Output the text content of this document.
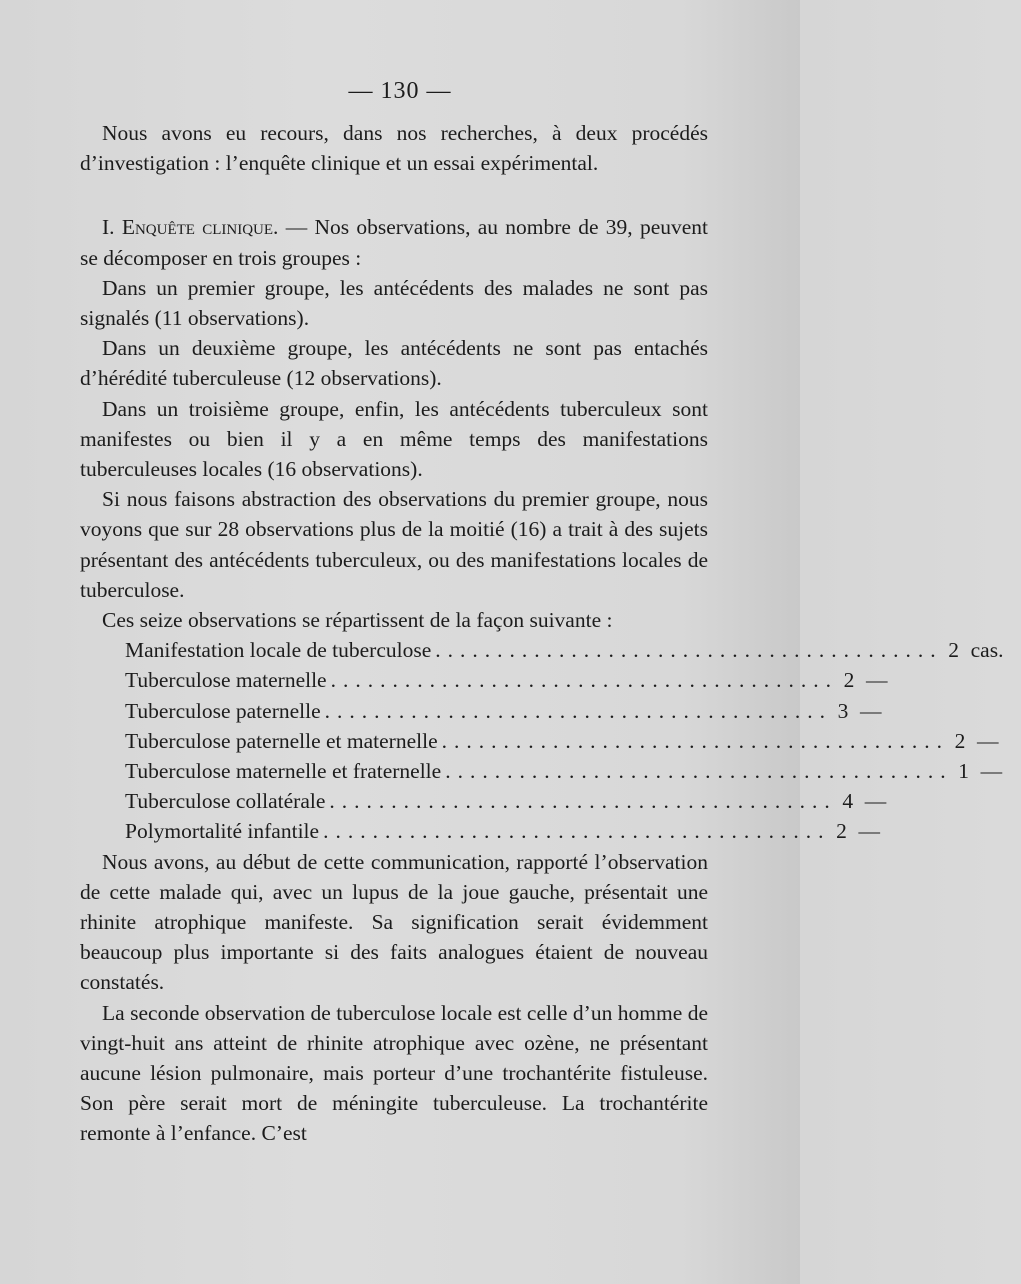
— 130 —

Nous avons eu recours, dans nos recherches, à deux procédés d’investigation : l’enquête clinique et un essai expérimental.

I. Enquête clinique. — Nos observations, au nombre de 39, peuvent se décomposer en trois groupes :

Dans un premier groupe, les antécédents des malades ne sont pas signalés (11 observations).

Dans un deuxième groupe, les antécédents ne sont pas entachés d’hérédité tuberculeuse (12 observations).

Dans un troisième groupe, enfin, les antécédents tuberculeux sont manifestes ou bien il y a en même temps des manifestations tuberculeuses locales (16 observations).

Si nous faisons abstraction des observations du premier groupe, nous voyons que sur 28 observations plus de la moitié (16) a trait à des sujets présentant des antécédents tuberculeux, ou des manifestations locales de tuberculose.

Ces seize observations se répartissent de la façon suivante :

Manifestation locale de tuberculose ......................................... 2 cas.
Tuberculose maternelle ......................................... 2 —
Tuberculose paternelle ......................................... 3 —
Tuberculose paternelle et maternelle ......................................... 2 —
Tuberculose maternelle et fraternelle ......................................... 1 —
Tuberculose collatérale ......................................... 4 —
Polymortalité infantile ......................................... 2 —

Nous avons, au début de cette communication, rapporté l’observation de cette malade qui, avec un lupus de la joue gauche, présentait une rhinite atrophique manifeste. Sa signification serait évidemment beaucoup plus importante si des faits analogues étaient de nouveau constatés.

La seconde observation de tuberculose locale est celle d’un homme de vingt-huit ans atteint de rhinite atrophique avec ozène, ne présentant aucune lésion pulmonaire, mais porteur d’une trochantérite fistuleuse. Son père serait mort de méningite tuberculeuse. La trochantérite remonte à l’enfance. C’est
